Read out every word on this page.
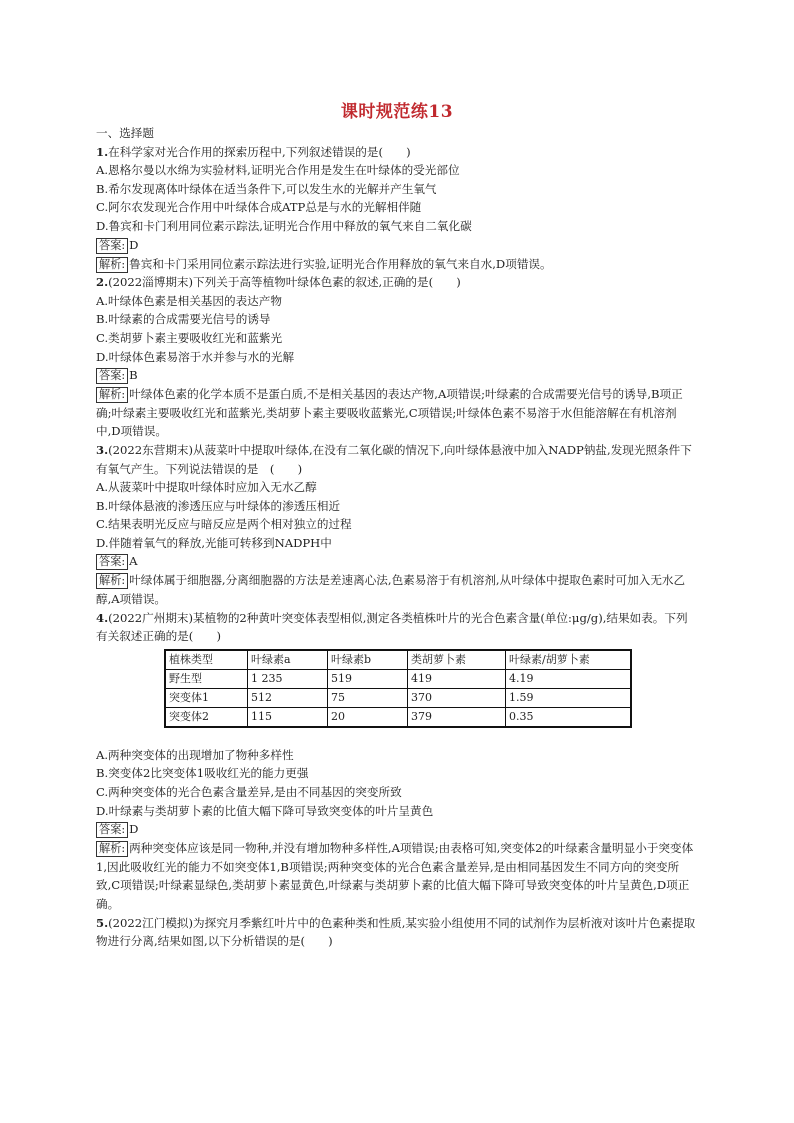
课时规范练13
一、选择题
1.在科学家对光合作用的探索历程中,下列叙述错误的是(　　)
A.恩格尔曼以水绵为实验材料,证明光合作用是发生在叶绿体的受光部位
B.希尔发现离体叶绿体在适当条件下,可以发生水的光解并产生氧气
C.阿尔农发现光合作用中叶绿体合成ATP总是与水的光解相伴随
D.鲁宾和卡门利用同位素示踪法,证明光合作用中释放的氧气来自二氧化碳
答案: D
解析: 鲁宾和卡门采用同位素示踪法进行实验,证明光合作用释放的氧气来自水,D项错误。
2.(2022淄博期末)下列关于高等植物叶绿体色素的叙述,正确的是(　　)
A.叶绿体色素是相关基因的表达产物
B.叶绿素的合成需要光信号的诱导
C.类胡萝卜素主要吸收红光和蓝紫光
D.叶绿体色素易溶于水并参与水的光解
答案: B
解析: 叶绿体色素的化学本质不是蛋白质,不是相关基因的表达产物,A项错误;叶绿素的合成需要光信号的诱导,B项正确;叶绿素主要吸收红光和蓝紫光,类胡萝卜素主要吸收蓝紫光,C项错误;叶绿体色素不易溶于水但能溶解在有机溶剂中,D项错误。
3.(2022东营期末)从菠菜叶中提取叶绿体,在没有二氧化碳的情况下,向叶绿体悬液中加入NADP钠盐,发现光照条件下有氧气产生。下列说法错误的是　(　　)
A.从菠菜叶中提取叶绿体时应加入无水乙醇
B.叶绿体悬液的渗透压应与叶绿体的渗透压相近
C.结果表明光反应与暗反应是两个相对独立的过程
D.伴随着氧气的释放,光能可转移到NADPH中
答案: A
解析: 叶绿体属于细胞器,分离细胞器的方法是差速离心法,色素易溶于有机溶剂,从叶绿体中提取色素时可加入无水乙醇,A项错误。
4.(2022广州期末)某植物的2种黄叶突变体表型相似,测定各类植株叶片的光合色素含量(单位:μg/g),结果如表。下列有关叙述正确的是(　　)
植株类型	叶绿素a	叶绿素b	类胡萝卜素	叶绿素/胡萝卜素
野生型	1 235	519	419	4.19
突变体1	512	75	370	1.59
突变体2	115	20	379	0.35
A.两种突变体的出现增加了物种多样性
B.突变体2比突变体1吸收红光的能力更强
C.两种突变体的光合色素含量差异,是由不同基因的突变所致
D.叶绿素与类胡萝卜素的比值大幅下降可导致突变体的叶片呈黄色
答案: D
解析: 两种突变体应该是同一物种,并没有增加物种多样性,A项错误;由表格可知,突变体2的叶绿素含量明显小于突变体1,因此吸收红光的能力不如突变体1,B项错误;两种突变体的光合色素含量差异,是由相同基因发生不同方向的突变所致,C项错误;叶绿素显绿色,类胡萝卜素显黄色,叶绿素与类胡萝卜素的比值大幅下降可导致突变体的叶片呈黄色,D项正确。
5.(2022江门模拟)为探究月季紫红叶片中的色素种类和性质,某实验小组使用不同的试剂作为层析液对该叶片色素提取物进行分离,结果如图,以下分析错误的是(　　)
